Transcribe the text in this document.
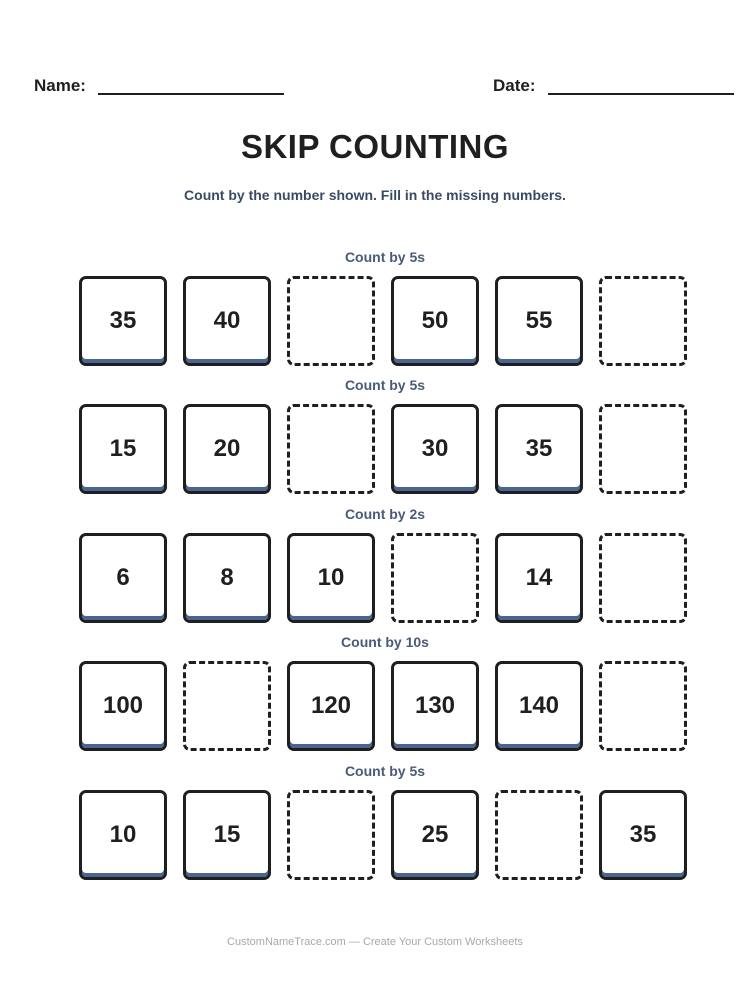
Name:	Date:
SKIP COUNTING

Count by the number shown. Fill in the missing numbers.

Count by 5s
35	40	50	55
Count by 5s
15	20	30	35
Count by 2s
6	8	10	14
Count by 10s
100	120	130	140
Count by 5s
10	15	25	35
CustomNameTrace.com — Create Your Custom Worksheets
